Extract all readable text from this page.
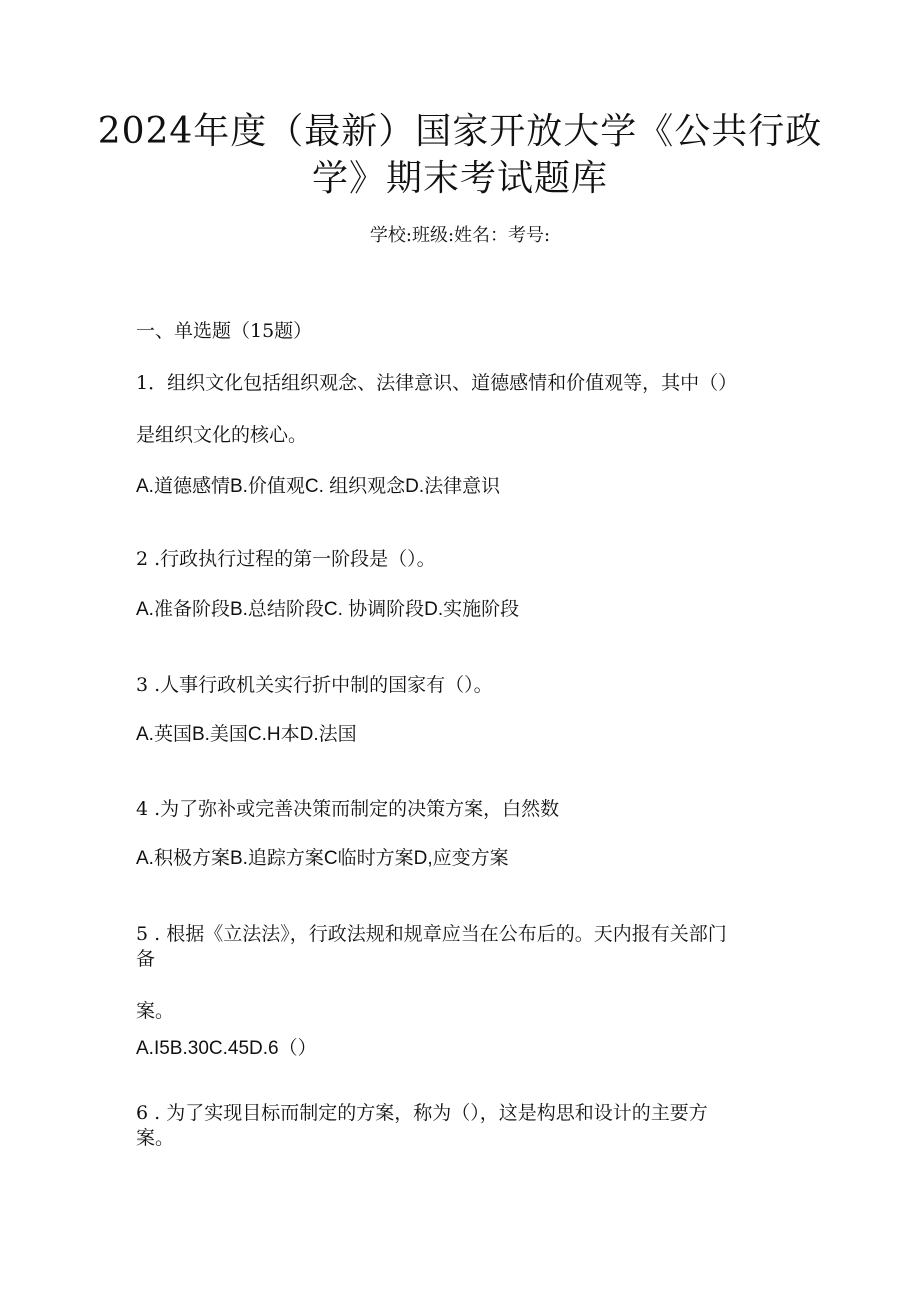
2024年度（最新）国家开放大学《公共行政
学》期末考试题库
学校:班级:姓名：考号:
一、单选题（15题）
1．组织文化包括组织观念、法律意识、道德感情和价值观等，其中（）
是组织文化的核心。
A.道德感情B.价值观C. 组织观念D.法律意识
2 .行政执行过程的第一阶段是（）。
A.准备阶段B.总结阶段C. 协调阶段D.实施阶段
3 .人事行政机关实行折中制的国家有（）。
A.英国B.美国C.H本D.法国
4 .为了弥补或完善决策而制定的决策方案，白然数
A.积极方案B.追踪方案C临时方案D,应变方案
5 . 根据《立法法》，行政法规和规章应当在公布后的。天内报有关部门
备
案。
A.I5B.30C.45D.6（）
6 . 为了实现目标而制定的方案，称为（），这是构思和设计的主要方
案。
